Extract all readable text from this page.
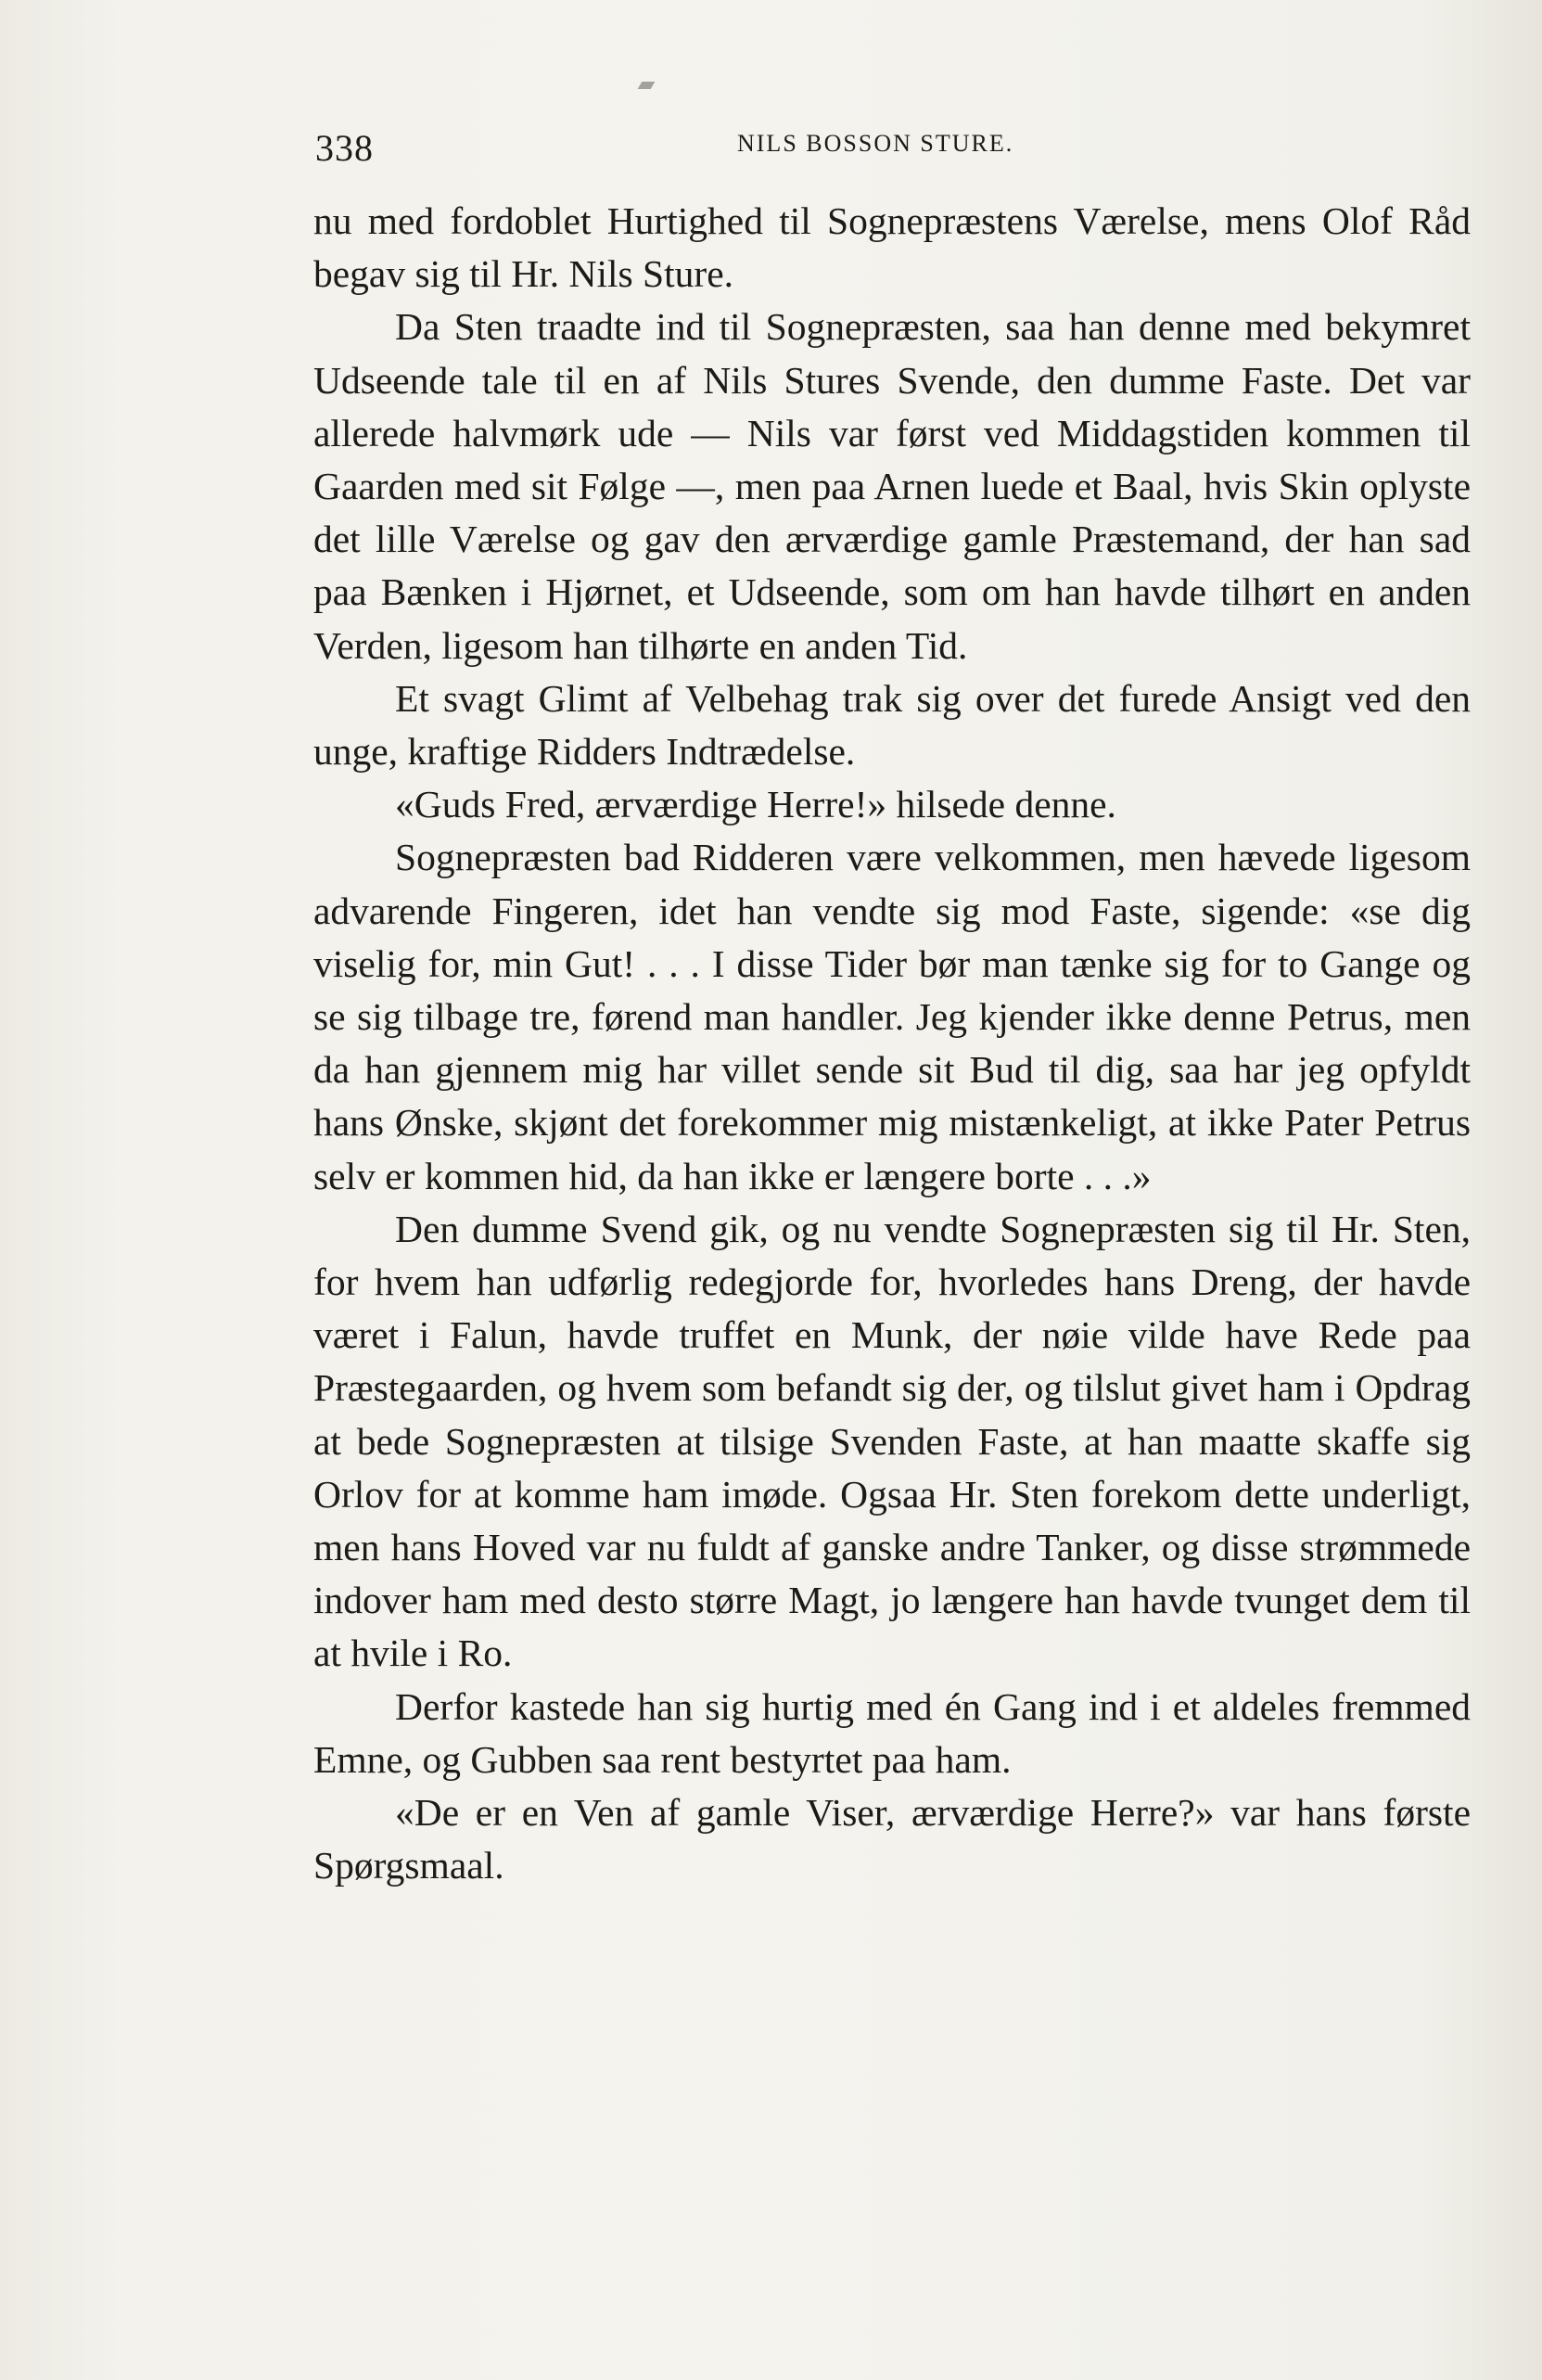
338	NILS BOSSON STURE.

nu med fordoblet Hurtighed til Sognepræstens Værelse, mens Olof Råd begav sig til Hr. Nils Sture.

Da Sten traadte ind til Sognepræsten, saa han denne med bekymret Udseende tale til en af Nils Stures Svende, den dumme Faste. Det var allerede halvmørk ude — Nils var først ved Middagstiden kommen til Gaarden med sit Følge —, men paa Arnen luede et Baal, hvis Skin oplyste det lille Værelse og gav den ærværdige gamle Præstemand, der han sad paa Bænken i Hjørnet, et Udseende, som om han havde tilhørt en anden Verden, ligesom han tilhørte en anden Tid.

Et svagt Glimt af Velbehag trak sig over det furede Ansigt ved den unge, kraftige Ridders Indtrædelse.

«Guds Fred, ærværdige Herre!» hilsede denne.

Sognepræsten bad Ridderen være velkommen, men hævede ligesom advarende Fingeren, idet han vendte sig mod Faste, sigende: «se dig viselig for, min Gut! . . . I disse Tider bør man tænke sig for to Gange og se sig tilbage tre, førend man handler. Jeg kjender ikke denne Petrus, men da han gjennem mig har villet sende sit Bud til dig, saa har jeg opfyldt hans Ønske, skjønt det forekommer mig mistænkeligt, at ikke Pater Petrus selv er kommen hid, da han ikke er længere borte . . .»

Den dumme Svend gik, og nu vendte Sognepræsten sig til Hr. Sten, for hvem han udførlig redegjorde for, hvorledes hans Dreng, der havde været i Falun, havde truffet en Munk, der nøie vilde have Rede paa Præstegaarden, og hvem som befandt sig der, og tilslut givet ham i Opdrag at bede Sognepræsten at tilsige Svenden Faste, at han maatte skaffe sig Orlov for at komme ham imøde. Ogsaa Hr. Sten forekom dette underligt, men hans Hoved var nu fuldt af ganske andre Tanker, og disse strømmede indover ham med desto større Magt, jo længere han havde tvunget dem til at hvile i Ro.

Derfor kastede han sig hurtig med én Gang ind i et aldeles fremmed Emne, og Gubben saa rent bestyrtet paa ham.

«De er en Ven af gamle Viser, ærværdige Herre?» var hans første Spørgsmaal.
